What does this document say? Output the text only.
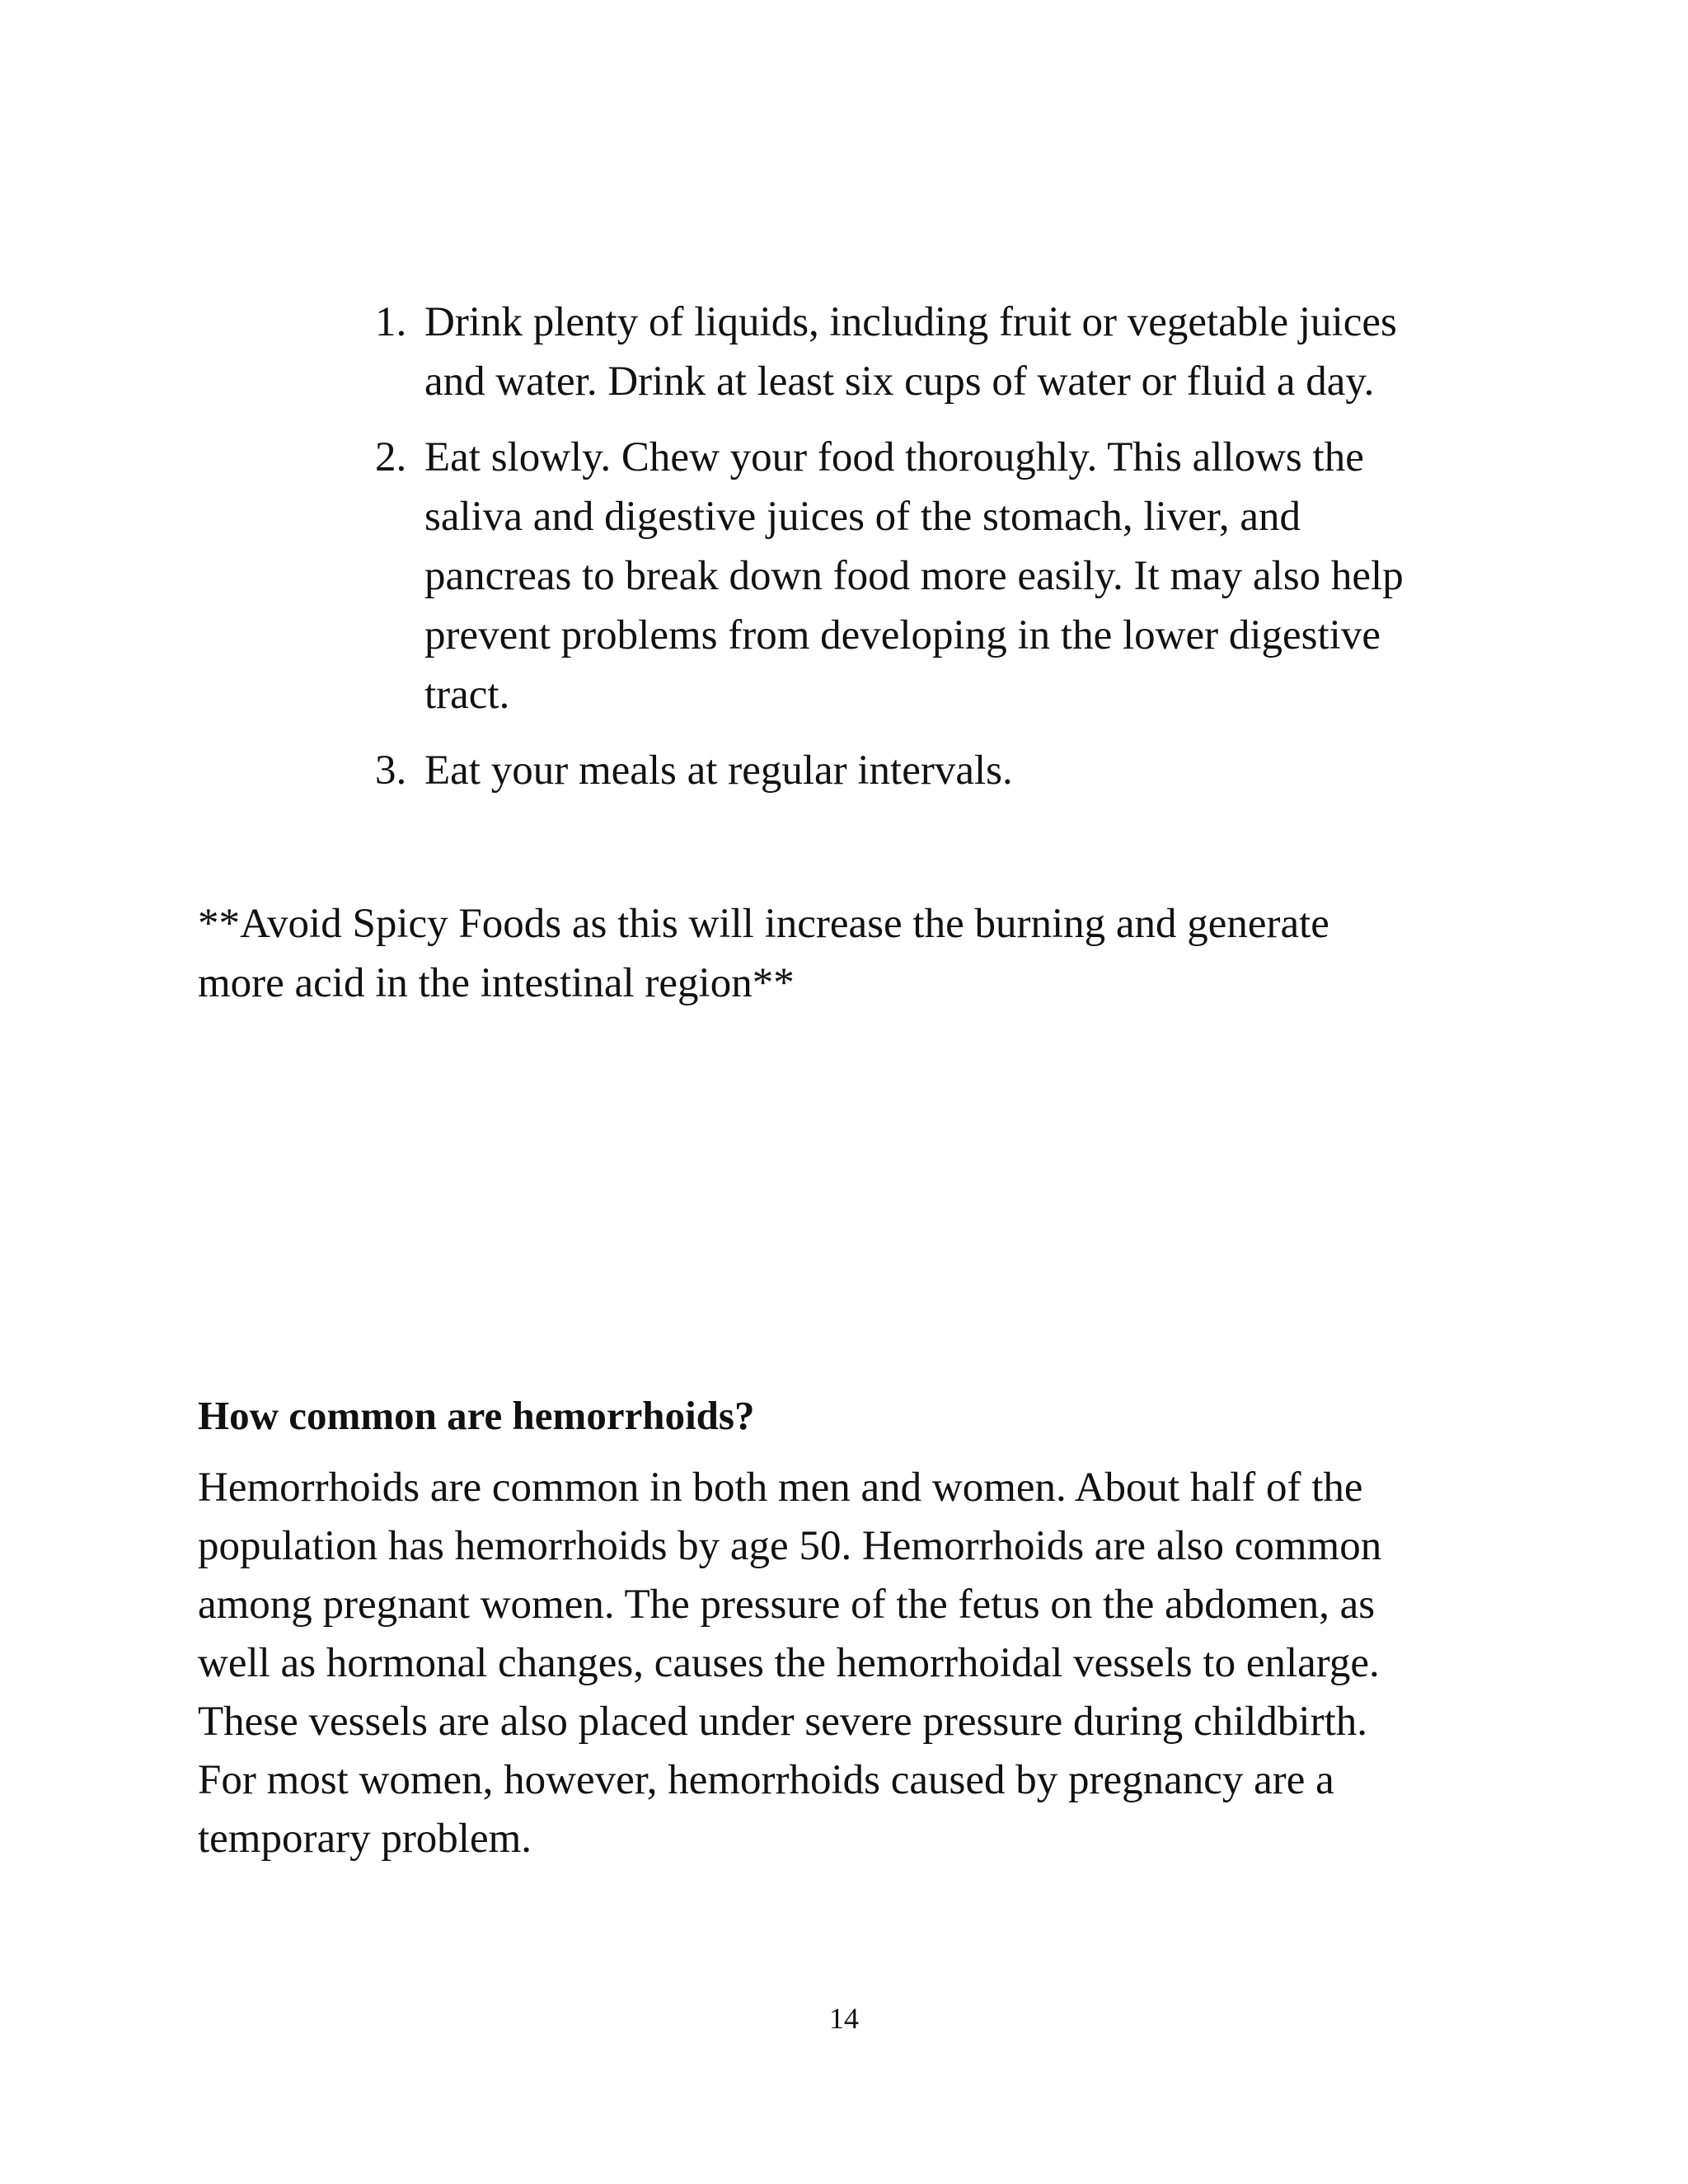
1. Drink plenty of liquids, including fruit or vegetable juices and water. Drink at least six cups of water or fluid a day.
2. Eat slowly. Chew your food thoroughly. This allows the saliva and digestive juices of the stomach, liver, and pancreas to break down food more easily. It may also help prevent problems from developing in the lower digestive tract.
3. Eat your meals at regular intervals.

**Avoid Spicy Foods as this will increase the burning and generate more acid in the intestinal region**

How common are hemorrhoids?

Hemorrhoids are common in both men and women. About half of the population has hemorrhoids by age 50. Hemorrhoids are also common among pregnant women. The pressure of the fetus on the abdomen, as well as hormonal changes, causes the hemorrhoidal vessels to enlarge. These vessels are also placed under severe pressure during childbirth. For most women, however, hemorrhoids caused by pregnancy are a temporary problem.

14
